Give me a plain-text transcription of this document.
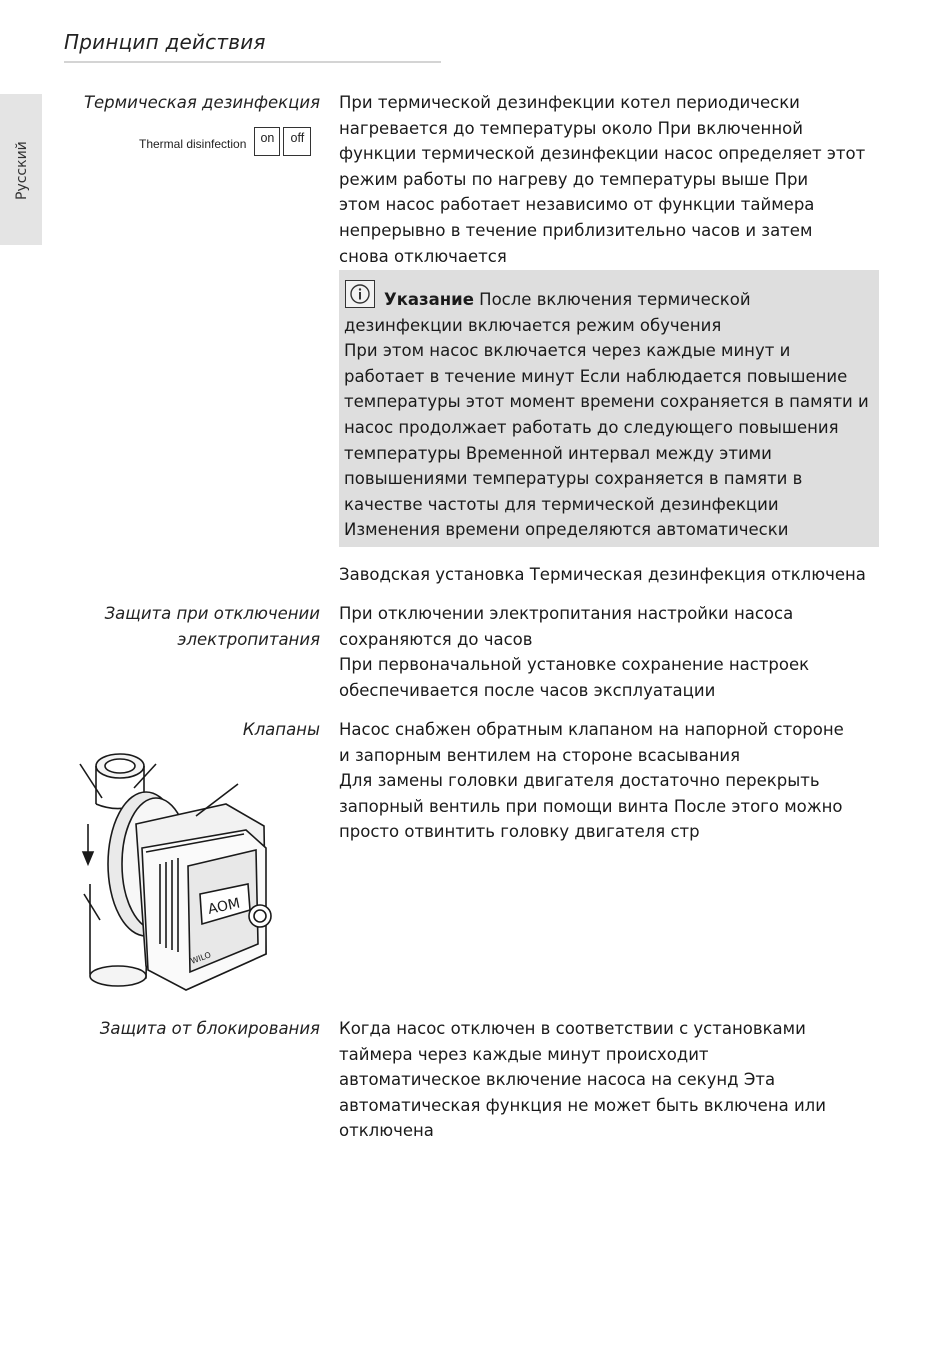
Принцип действия
Русский
Термическая дезинфекция
Thermal disinfection	on	off
При термической дезинфекции котел периодически
нагревается до температуры около При включенной
функции термической дезинфекции насос определяет этот
режим работы по нагреву до температуры выше При
этом насос работает независимо от функции таймера
непрерывно в течение приблизительно часов и затем
снова отключается
Указание После включения термической
дезинфекции включается режим обучения
При этом насос включается через каждые минут и
работает в течение минут Если наблюдается повышение
температуры этот момент времени сохраняется в памяти и
насос продолжает работать до следующего повышения
температуры Временной интервал между этими
повышениями температуры сохраняется в памяти в
качестве частоты для термической дезинфекции
Изменения времени определяются автоматически
Заводская установка Термическая дезинфекция отключена
Защита при отключении
электропитания
При отключении электропитания настройки насоса
сохраняются до часов
При первоначальной установке сохранение настроек
обеспечивается после часов эксплуатации
Клапаны Насос снабжен обратным клапаном на напорной стороне
и запорным вентилем на стороне всасывания
Для замены головки двигателя достаточно перекрыть
запорный вентиль при помощи винта После этого можно
просто отвинтить головку двигателя стр
AOM
WILO
Защита от блокирования Когда насос отключен в соответствии с установками
таймера через каждые минут происходит
автоматическое включение насоса на секунд Эта
автоматическая функция не может быть включена или
отключена
